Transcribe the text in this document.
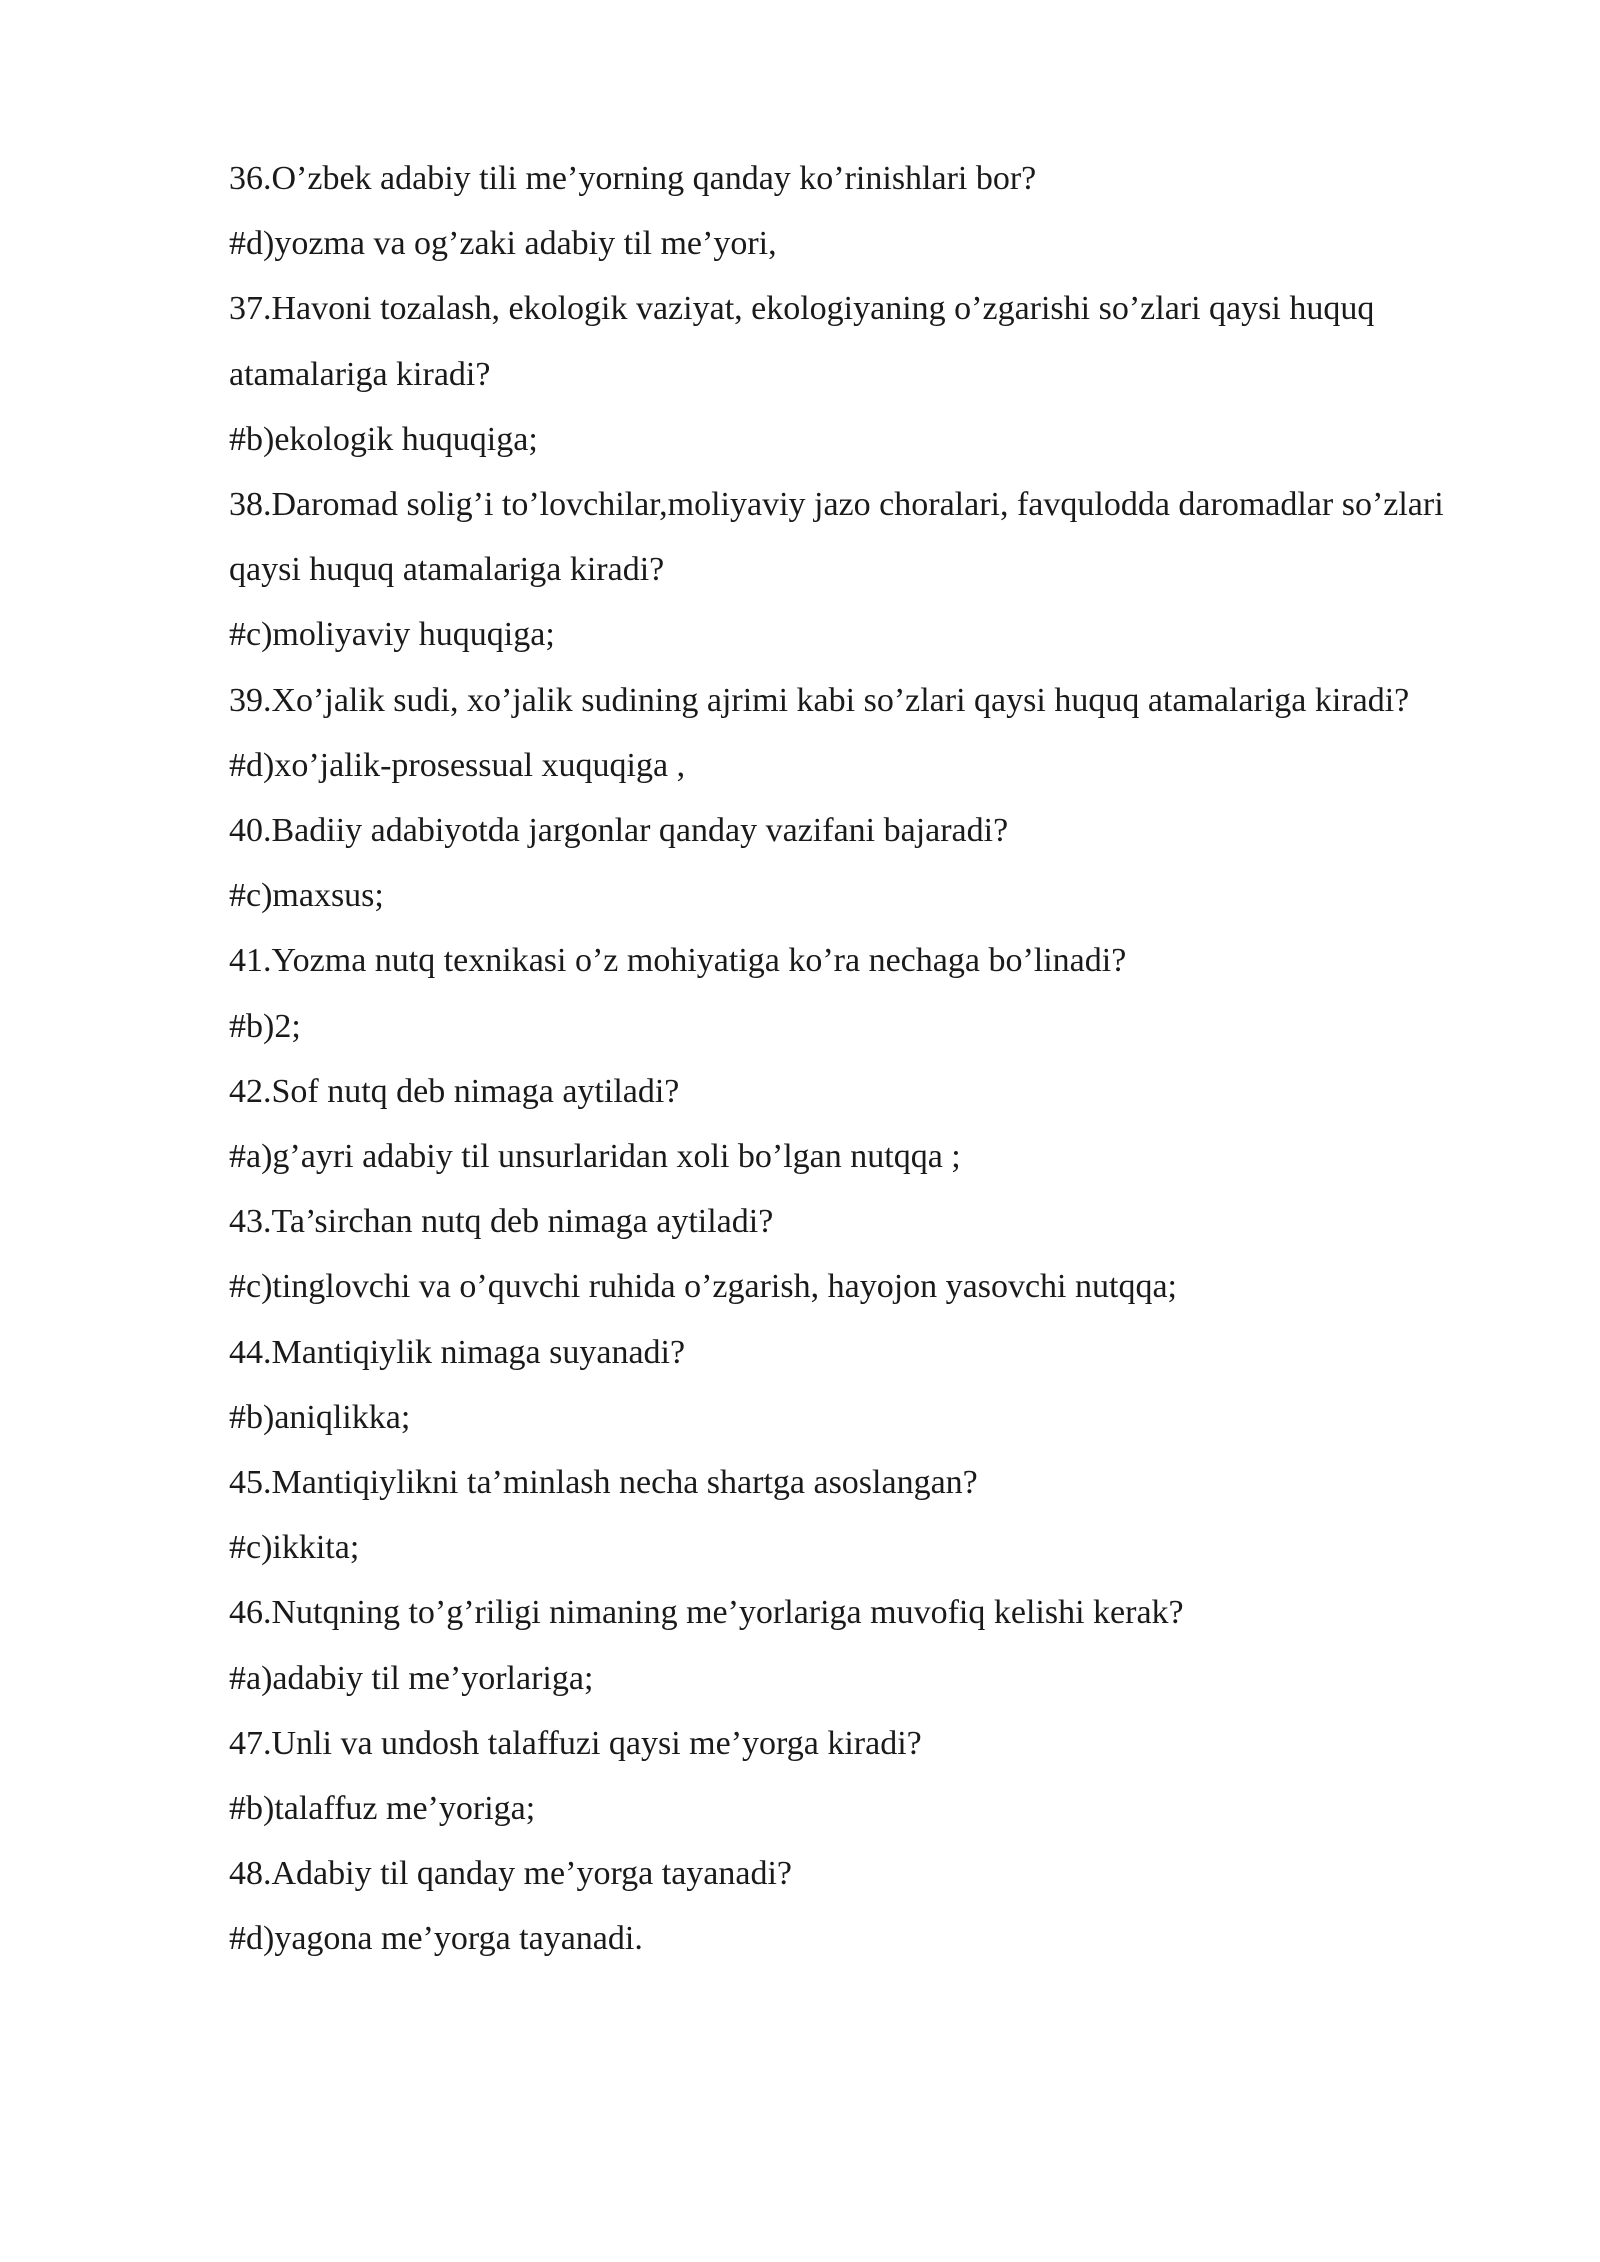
36.O’zbek adabiy tili me’yorning qanday ko’rinishlari bor?
#d)yozma va og’zaki adabiy til me’yori,
37.Havoni tozalash, ekologik vaziyat, ekologiyaning o’zgarishi so’zlari qaysi huquq atamalariga kiradi?
#b)ekologik huquqiga;
38.Daromad solig’i to’lovchilar,moliyaviy jazo choralari, favqulodda daromadlar so’zlari qaysi huquq atamalariga kiradi?
#c)moliyaviy huquqiga;
39.Xo’jalik sudi, xo’jalik sudining ajrimi kabi so’zlari qaysi huquq atamalariga kiradi?
#d)xo’jalik-prosessual xuquqiga ,
40.Badiiy adabiyotda jargonlar qanday vazifani bajaradi?
#c)maxsus;
41.Yozma nutq texnikasi o’z mohiyatiga ko’ra nechaga bo’linadi?
#b)2;
42.Sof nutq deb nimaga aytiladi?
#a)g’ayri adabiy til unsurlaridan xoli bo’lgan nutqqa ;
43.Ta’sirchan nutq deb nimaga aytiladi?
#c)tinglovchi va o’quvchi ruhida o’zgarish, hayojon yasovchi nutqqa;
44.Mantiqiylik nimaga suyanadi?
#b)aniqlikka;
45.Mantiqiylikni ta’minlash necha shartga asoslangan?
#c)ikkita;
46.Nutqning to’g’riligi nimaning me’yorlariga muvofiq kelishi kerak?
#a)adabiy til me’yorlariga;
47.Unli va undosh talaffuzi qaysi me’yorga kiradi?
#b)talaffuz me’yoriga;
48.Adabiy til qanday me’yorga tayanadi?
#d)yagona me’yorga tayanadi.
